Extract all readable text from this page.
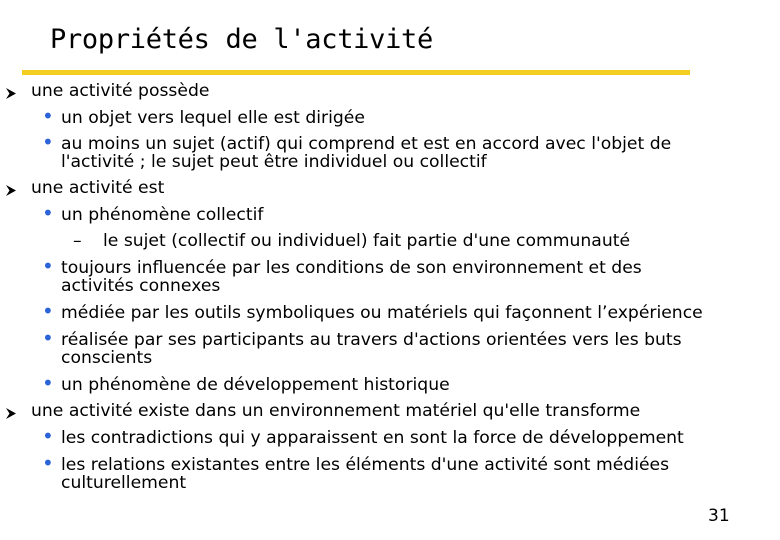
Propriétés de l'activité
une activité possède
• un objet vers lequel elle est dirigée
• au moins un sujet (actif) qui comprend et est en accord avec l'objet de
l'activité ; le sujet peut être individuel ou collectif
une activité est
• un phénomène collectif
– le sujet (collectif ou individuel) fait partie d'une communauté
• toujours influencée par les conditions de son environnement et des
activités connexes
• médiée par les outils symboliques ou matériels qui façonnent l’expérience
• réalisée par ses participants au travers d'actions orientées vers les buts
conscients
• un phénomène de développement historique
une activité existe dans un environnement matériel qu'elle transforme
• les contradictions qui y apparaissent en sont la force de développement
• les relations existantes entre les éléments d'une activité sont médiées
culturellement
31
